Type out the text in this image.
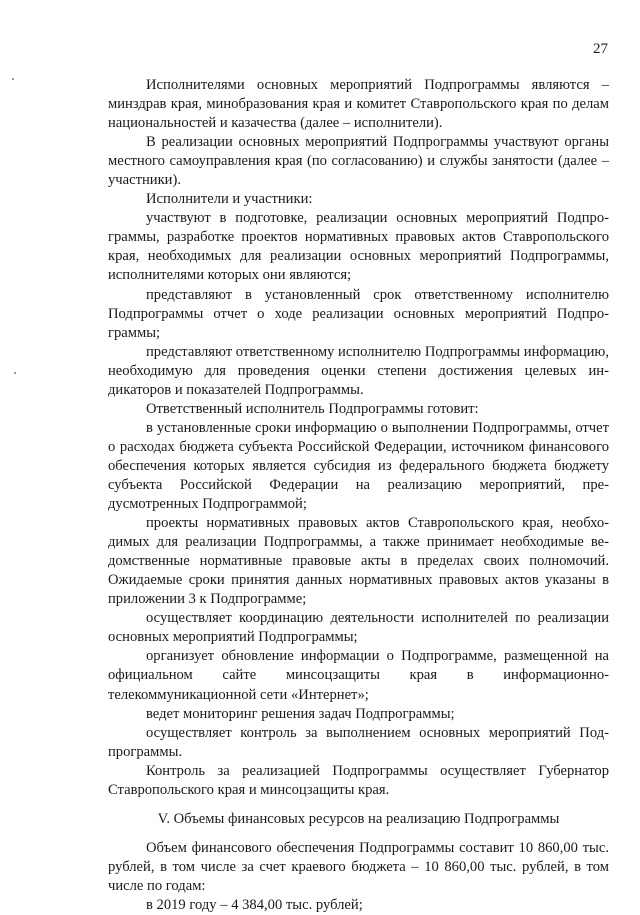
27

Исполнителями основных мероприятий Подпрограммы являются – минздрав края, минобразования края и комитет Ставропольского края по делам национальностей и казачества (далее – исполнители).

В реализации основных мероприятий Подпрограммы участвуют органы местного самоуправления края (по согласованию) и службы занятости (далее – участники).

Исполнители и участники:

участвуют в подготовке, реализации основных мероприятий Подпрограммы, разработке проектов нормативных правовых актов Ставропольского края, необходимых для реализации основных мероприятий Подпрограммы, исполнителями которых они являются;

представляют в установленный срок ответственному исполнителю Подпрограммы отчет о ходе реализации основных мероприятий Подпрограммы;

представляют ответственному исполнителю Подпрограммы информацию, необходимую для проведения оценки степени достижения целевых индикаторов и показателей Подпрограммы.

Ответственный исполнитель Подпрограммы готовит:

в установленные сроки информацию о выполнении Подпрограммы, отчет о расходах бюджета субъекта Российской Федерации, источником финансового обеспечения которых является субсидия из федерального бюджета бюджету субъекта Российской Федерации на реализацию мероприятий, предусмотренных Подпрограммой;

проекты нормативных правовых актов Ставропольского края, необходимых для реализации Подпрограммы, а также принимает необходимые ведомственные нормативные правовые акты в пределах своих полномочий. Ожидаемые сроки принятия данных нормативных правовых актов указаны в приложении 3 к Подпрограмме;

осуществляет координацию деятельности исполнителей по реализации основных мероприятий Подпрограммы;

организует обновление информации о Подпрограмме, размещенной на официальном сайте минсоцзащиты края в информационно-телекоммуникационной сети «Интернет»;

ведет мониторинг решения задач Подпрограммы;

осуществляет контроль за выполнением основных мероприятий Подпрограммы.

Контроль за реализацией Подпрограммы осуществляет Губернатор Ставропольского края и минсоцзащиты края.

V. Объемы финансовых ресурсов на реализацию Подпрограммы

Объем финансового обеспечения Подпрограммы составит 10 860,00 тыс. рублей, в том числе за счет краевого бюджета – 10 860,00 тыс. рублей, в том числе по годам:

в 2019 году – 4 384,00 тыс. рублей;
